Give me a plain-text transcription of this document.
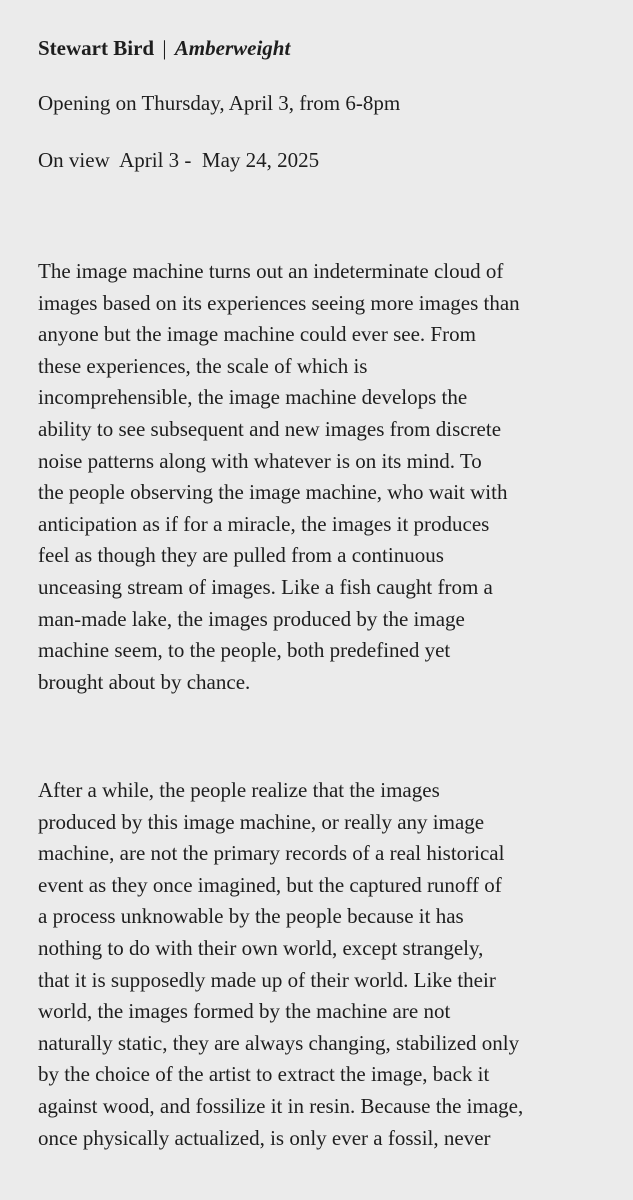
Stewart Bird | Amberweight
Opening on Thursday, April 3, from 6-8pm
On view  April 3 -  May 24, 2025

The image machine turns out an indeterminate cloud of
images based on its experiences seeing more images than
anyone but the image machine could ever see. From
these experiences, the scale of which is
incomprehensible, the image machine develops the
ability to see subsequent and new images from discrete
noise patterns along with whatever is on its mind. To
the people observing the image machine, who wait with
anticipation as if for a miracle, the images it produces
feel as though they are pulled from a continuous
unceasing stream of images. Like a fish caught from a
man-made lake, the images produced by the image
machine seem, to the people, both predefined yet
brought about by chance.

After a while, the people realize that the images
produced by this image machine, or really any image
machine, are not the primary records of a real historical
event as they once imagined, but the captured runoff of
a process unknowable by the people because it has
nothing to do with their own world, except strangely,
that it is supposedly made up of their world. Like their
world, the images formed by the machine are not
naturally static, they are always changing, stabilized only
by the choice of the artist to extract the image, back it
against wood, and fossilize it in resin. Because the image,
once physically actualized, is only ever a fossil, never
